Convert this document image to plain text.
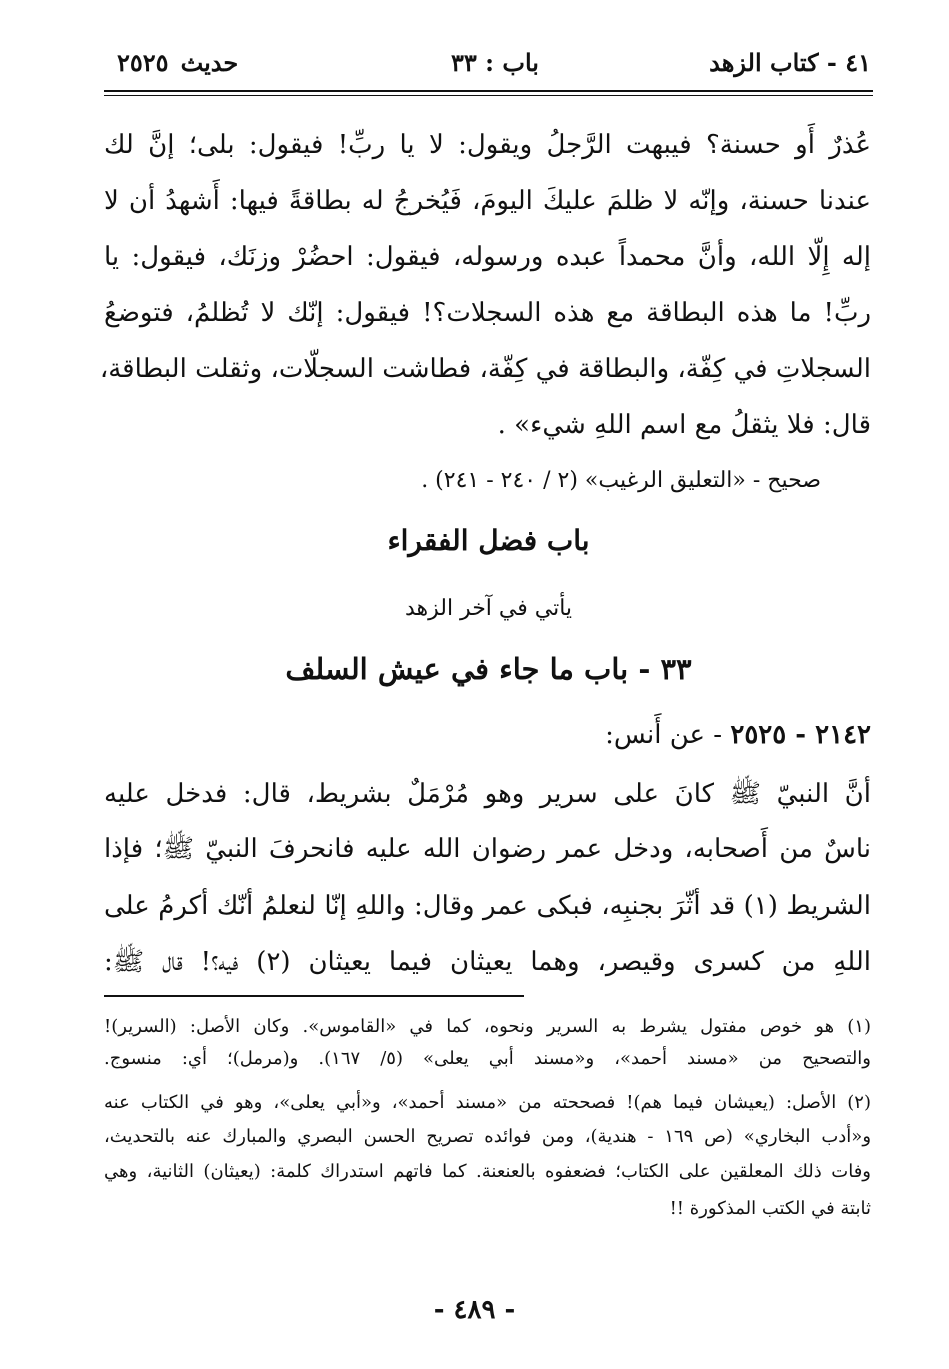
٤١ - كتاب الزهد
باب : ٣٣
حديث٢٥٢٥
عُذرٌ أَو حسنة؟ فيبهت الرَّجلُ ويقول: لا يا ربِّ! فيقول: بلى؛ إنَّ لك
عندنا حسنة، وإنّه لا ظلمَ عليكَ اليومَ، فَيُخرجُ له بطاقةً فيها: أَشهدُ أن لا
إله إِلّا الله، وأنَّ محمداً عبده ورسوله، فيقول: احضُرْ وزنَك، فيقول: يا
ربِّ! ما هذه البطاقة مع هذه السجلات؟! فيقول: إنّك لا تُظلمُ، فتوضعُ
السجلاتِ في كِفّة، والبطاقة في كِفّة، فطاشت السجلّات، وثقلت البطاقة،
قال: فلا يثقلُ مع اسم اللهِ شيء» .
صحيح - «التعليق الرغيب» (٢ / ٢٤٠ - ٢٤١) .
باب فضل الفقراء
يأتي في آخر الزهد
٣٣ - باب ما جاء في عيش السلف
٢١٤٢ - ٢٥٢٥ - عن أَنس:
أنَّ النبيّ ﷺ كانَ على سرير وهو مُرْمَلٌ بشريط، قال: فدخل عليه
ناسٌ من أَصحابه، ودخل عمر رضوان الله عليه فانحرفَ النبيّ ﷺ؛ فإذا
الشريط (١) قد أثّرَ بجنبِه، فبكى عمر وقال: واللهِ إنّا لنعلمُ أنّك أكرمُ على
اللهِ من كسرى وقيصر، وهما يعيثان فيما يعيثان (٢) فيه؟! قال ﷺ:
(١) هو خوص مفتول يشرط به السرير ونحوه، كما في «القاموس». وكان الأصل: (السرير)!
والتصحيح من «مسند أحمد»، و«مسند أبي يعلى» (٥/ ١٦٧). و(مرمل)؛ أي: منسوج.
(٢) الأصل: (يعيشان فيما هم)! فصححته من «مسند أحمد»، و«أبي يعلى»، وهو في الكتاب عنه
و«أدب البخاري» (ص ١٦٩ - هندية)، ومن فوائده تصريح الحسن البصري والمبارك عنه بالتحديث،
وفات ذلك المعلقين على الكتاب؛ فضعفوه بالعنعنة. كما فاتهم استدراك كلمة: (يعيثان) الثانية، وهي
ثابتة في الكتب المذكورة !!
- ٤٨٩ -
